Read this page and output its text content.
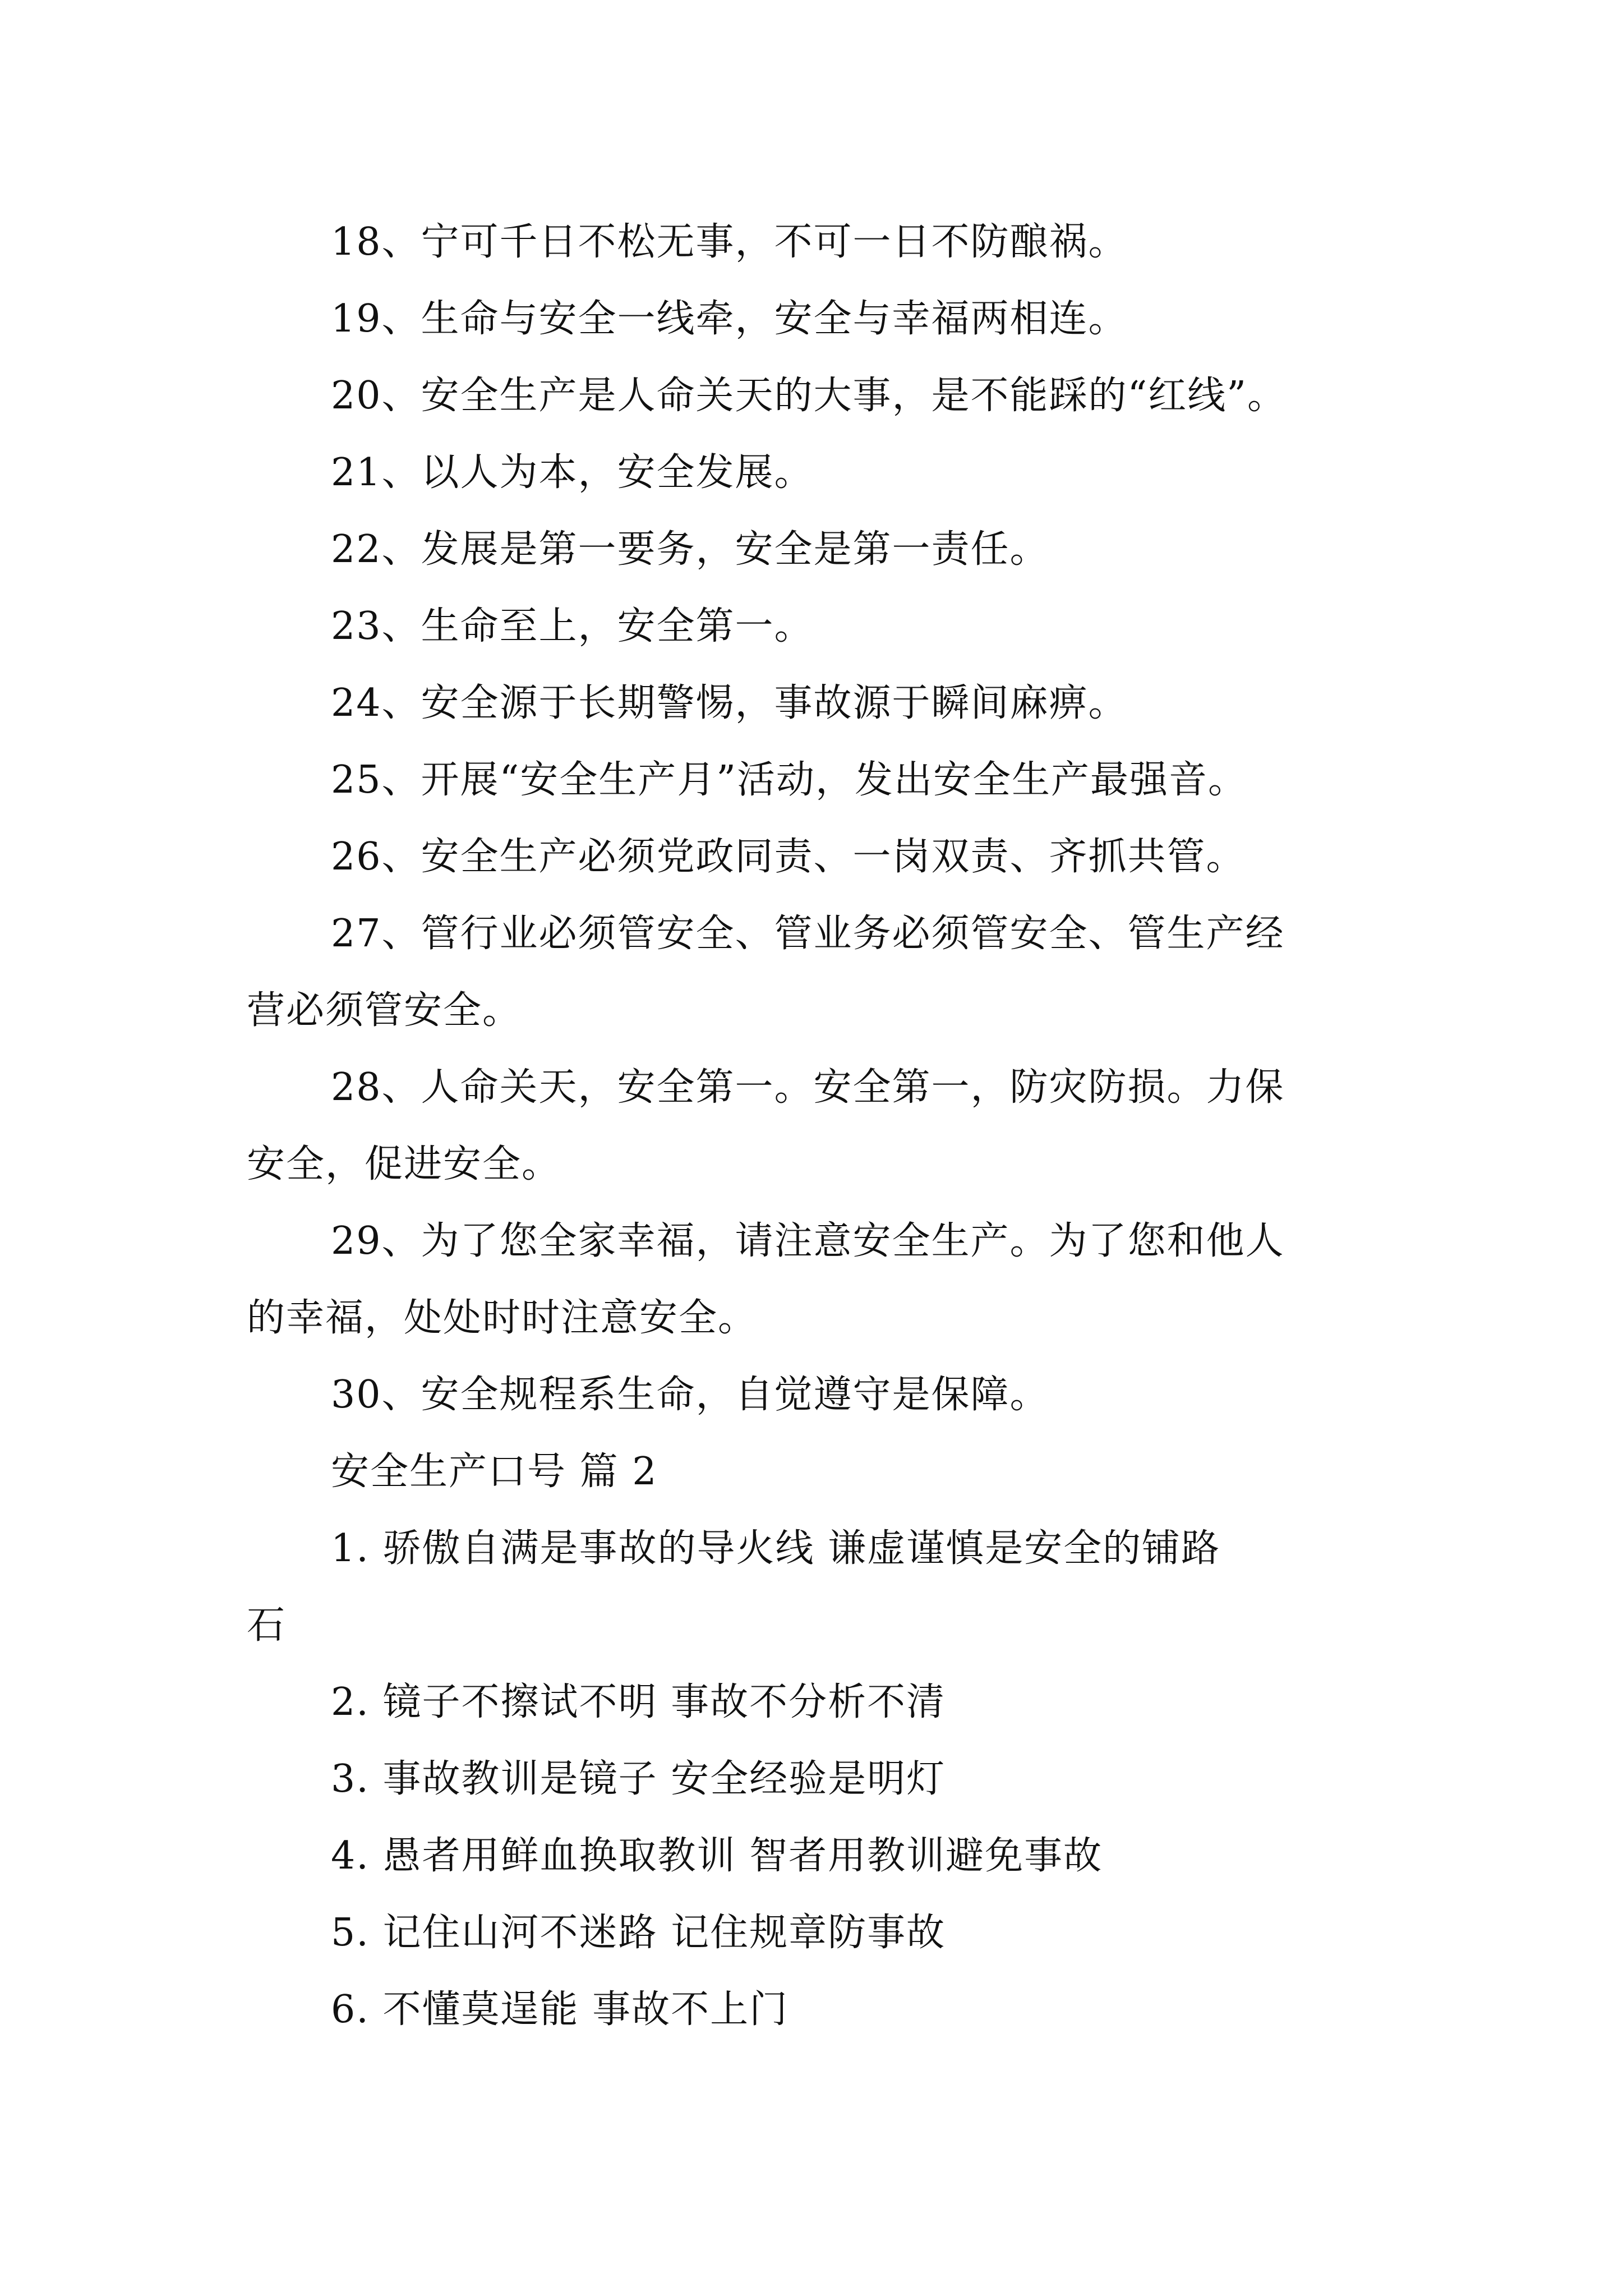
18、宁可千日不松无事，不可一日不防酿祸。
19、生命与安全一线牵，安全与幸福两相连。
20、安全生产是人命关天的大事，是不能踩的“红线”。
21、以人为本，安全发展。
22、发展是第一要务，安全是第一责任。
23、生命至上，安全第一。
24、安全源于长期警惕，事故源于瞬间麻痹。
25、开展“安全生产月”活动，发出安全生产最强音。
26、安全生产必须党政同责、一岗双责、齐抓共管。
27、管行业必须管安全、管业务必须管安全、管生产经
营必须管安全。
28、人命关天，安全第一。安全第一，防灾防损。力保
安全，促进安全。
29、为了您全家幸福，请注意安全生产。为了您和他人
的幸福，处处时时注意安全。
30、安全规程系生命，自觉遵守是保障。
安全生产口号 篇 2
1. 骄傲自满是事故的导火线 谦虚谨慎是安全的铺路
石
2. 镜子不擦试不明 事故不分析不清
3. 事故教训是镜子 安全经验是明灯
4. 愚者用鲜血换取教训 智者用教训避免事故
5. 记住山河不迷路 记住规章防事故
6. 不懂莫逞能 事故不上门
